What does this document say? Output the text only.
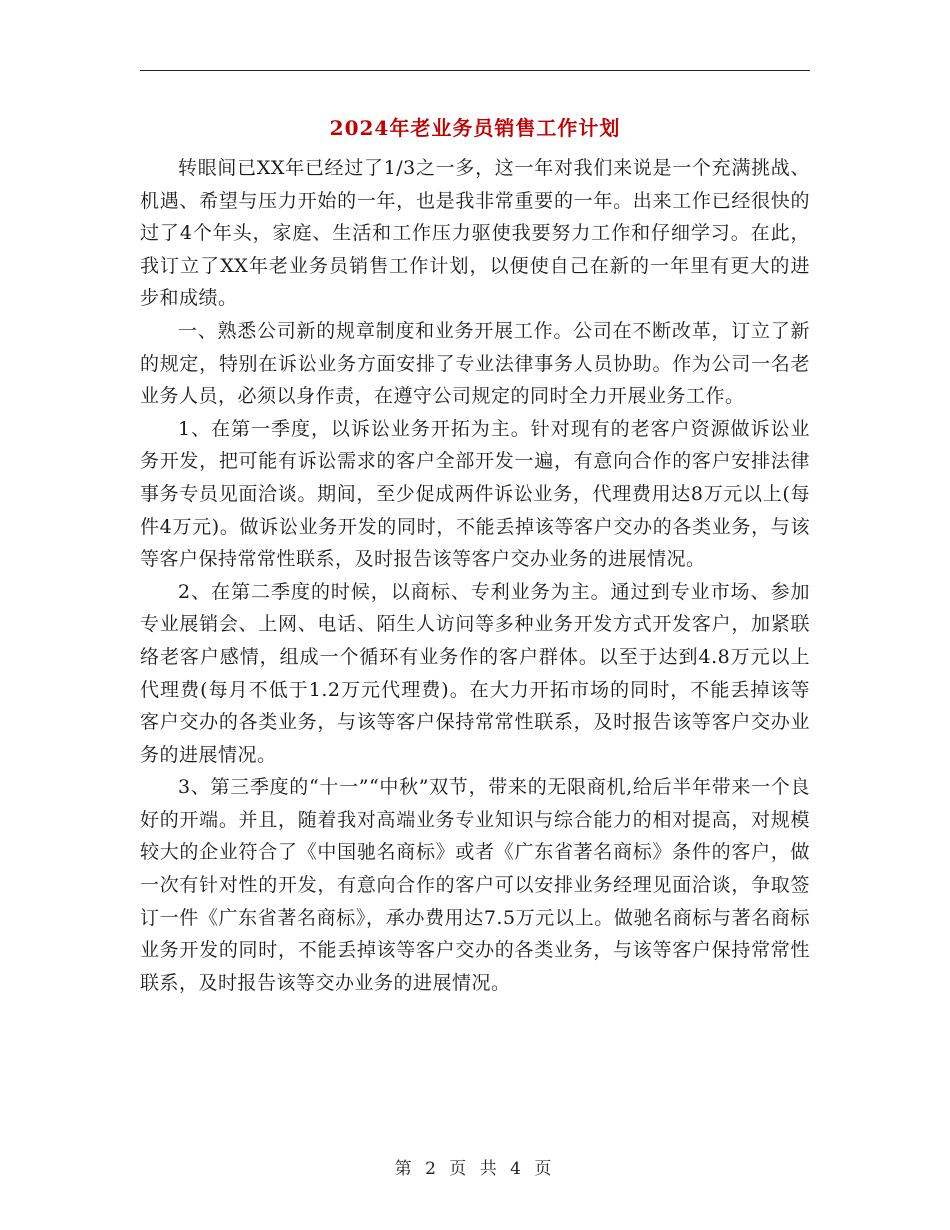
2024年老业务员销售工作计划

转眼间已XX年已经过了1/3之一多，这一年对我们来说是一个充满挑战、机遇、希望与压力开始的一年，也是我非常重要的一年。出来工作已经很快的过了4个年头，家庭、生活和工作压力驱使我要努力工作和仔细学习。在此，我订立了XX年老业务员销售工作计划，以便使自己在新的一年里有更大的进步和成绩。

一、熟悉公司新的规章制度和业务开展工作。公司在不断改革，订立了新的规定，特别在诉讼业务方面安排了专业法律事务人员协助。作为公司一名老业务人员，必须以身作责，在遵守公司规定的同时全力开展业务工作。

1、在第一季度，以诉讼业务开拓为主。针对现有的老客户资源做诉讼业务开发，把可能有诉讼需求的客户全部开发一遍，有意向合作的客户安排法律事务专员见面洽谈。期间，至少促成两件诉讼业务，代理费用达8万元以上(每件4万元)。做诉讼业务开发的同时，不能丢掉该等客户交办的各类业务，与该等客户保持常常性联系，及时报告该等客户交办业务的进展情况。

2、在第二季度的时候，以商标、专利业务为主。通过到专业市场、参加专业展销会、上网、电话、陌生人访问等多种业务开发方式开发客户，加紧联络老客户感情，组成一个循环有业务作的客户群体。以至于达到4.8万元以上代理费(每月不低于1.2万元代理费)。在大力开拓市场的同时，不能丢掉该等客户交办的各类业务，与该等客户保持常常性联系，及时报告该等客户交办业务的进展情况。

3、第三季度的“十一”“中秋”双节，带来的无限商机,给后半年带来一个良好的开端。并且，随着我对高端业务专业知识与综合能力的相对提高，对规模较大的企业符合了《中国驰名商标》或者《广东省著名商标》条件的客户，做一次有针对性的开发，有意向合作的客户可以安排业务经理见面洽谈，争取签订一件《广东省著名商标》，承办费用达7.5万元以上。做驰名商标与著名商标业务开发的同时，不能丢掉该等客户交办的各类业务，与该等客户保持常常性联系，及时报告该等交办业务的进展情况。

第 2 页 共 4 页
